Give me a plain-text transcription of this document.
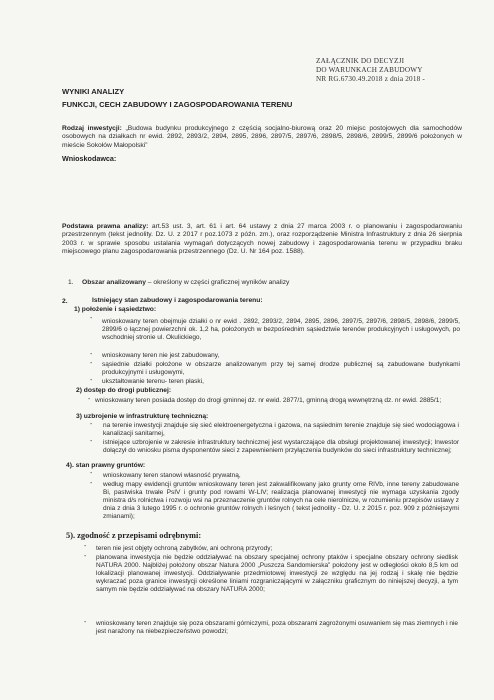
ZAŁĄCZNIK DO DECYZJI
DO WARUNKACH ZABUDOWY
NR RG.6730.49.2018 z dnia 2018 -
WYNIKI ANALIZY
FUNKCJI, CECH ZABUDOWY I ZAGOSPODAROWANIA TERENU
Rodzaj inwestycji: „Budowa budynku produkcyjnego z częścią socjalno-biurową oraz 20 miejsc postojowych dla samochodów osobowych na działkach nr ewid. 2892, 2893/2, 2894, 2895, 2896, 2897/5, 2897/6, 2898/5, 2898/6, 2899/5, 2899/6 położonych w mieście Sokołów Małopolski”
Wnioskodawca:
Podstawa prawna analizy: art.53 ust. 3, art. 61 i art. 64 ustawy z dnia 27 marca 2003 r. o planowaniu i zagospodarowaniu przestrzennym (tekst jednolity. Dz. U. z 2017 r poz.1073 z późn. zm.), oraz rozporządzenie Ministra Infrastruktury z dnia 26 sierpnia 2003 r. w sprawie sposobu ustalania wymagań dotyczących nowej zabudowy i zagospodarowania terenu w przypadku braku miejscowego planu zagospodarowania przestrzennego (Dz. U. Nr 164 poz. 1588).
1. Obszar analizowany – określony w części graficznej wyników analizy
2.	Istniejący stan zabudowy i zagospodarowania terenu:
1) położenie i sąsiedztwo:
- wnioskowany teren obejmuje działki o nr ewid . 2892, 2893/2, 2894, 2895, 2896, 2897/5, 2897/6, 2898/5, 2898/6, 2899/5, 2899/6 o łącznej powierzchni ok. 1,2 ha, położonych w bezpośrednim sąsiedztwie terenów produkcyjnych i usługowych, po wschodniej stronie ul. Okulickiego,
- wnioskowany teren nie jest zabudowany,
- sąsiednie działki położone w obszarze analizowanym przy tej samej drodze publicznej są zabudowane budynkami produkcyjnymi i usługowymi,
- ukształtowanie terenu- teren płaski,
2) dostęp do drogi publicznej:
- wnioskowany teren posiada dostęp do drogi gminnej dz. nr ewid. 2877/1, gminną drogą wewnętrzną dz. nr ewid. 2885/1;
3) uzbrojenie w infrastrukturę techniczną:
- na terenie inwestycji znajduje się sieć elektroenergetyczna i gazowa, na sąsiednim terenie znajduje się sieć wodociągowa i kanalizacji sanitarnej,
- istniejące uzbrojenie w zakresie infrastruktury technicznej jest wystarczające dla obsługi projektowanej inwestycji; Inwestor dołączył do wniosku pisma dysponentów sieci z zapewnieniem przyłączenia budynków do sieci infrastruktury technicznej;
4). stan prawny gruntów:
- wnioskowany teren stanowi własność prywatną,
- według mapy ewidencji gruntów wnioskowany teren jest zakwalifikowany jako grunty orne RIVb, inne tereny zabudowane Bi, pastwiska trwałe PsIV i grunty pod rowami W-LIV; realizacja planowanej inwestycji nie wymaga uzyskania zgody ministra d/s rolnictwa i rozwoju wsi na przeznaczenie gruntów rolnych na cele nierolnicze, w rozumieniu przepisów ustawy z dnia z dnia 3 lutego 1995 r. o ochronie gruntów rolnych i leśnych ( tekst jednolity - Dz. U. z 2015 r. poz. 909 z późniejszymi zmianami);
5). zgodność z przepisami odrębnymi:
- teren nie jest objęty ochroną zabytków, ani ochroną przyrody;
- planowana inwestycja nie będzie oddziaływać na obszary specjalnej ochrony ptaków i specjalne obszary ochrony siedlisk NATURA 2000. Najbliżej położony obszar Natura 2000 „Puszcza Sandomierska” położony jest w odległości około 8,5 km od lokalizacji planowanej inwestycji. Oddziaływanie przedmiotowej inwestycji ze względu na jej rodzaj i skalę nie będzie wykraczać poza granice inwestycji określone liniami rozgraniczającymi w załączniku graficznym do niniejszej decyzji, a tym samym nie będzie oddziaływać na obszary NATURA 2000;
- wnioskowany teren znajduje się poza obszarami górniczymi, poza obszarami zagrożonymi osuwaniem się mas ziemnych i nie jest narażony na niebezpieczeństwo powodzi;
